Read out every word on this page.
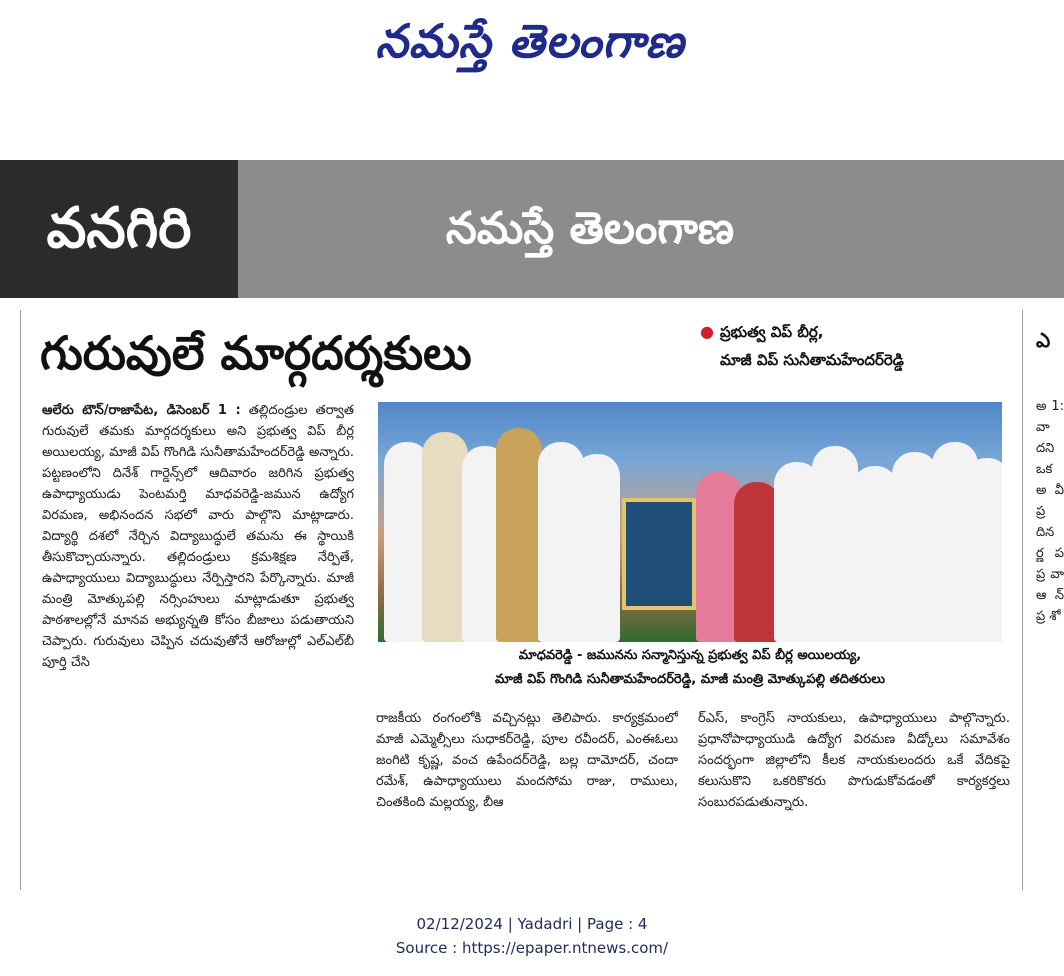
నమస్తే తెలంగాణ
వనగిరి	నమస్తే తెలంగాణ
గురువులే మార్గదర్శకులు	● ప్రభుత్వ విప్ బీర్ల,
మాజీ విప్ సునీతామహేందర్‌రెడ్డి
ఎ
ఆలేరు టౌన్/రాజాపేట, డిసెంబర్ 1 : తల్లిదండ్రుల తర్వాత గురువులే తమకు మార్గదర్శకులు అని ప్రభుత్వ విప్ బీర్ల అయిలయ్య, మాజీ విప్ గొంగిడి సునీతామహేందర్‌రెడ్డి అన్నారు. పట్టణంలోని దినేశ్ గార్డెన్స్‌లో ఆదివారం జరిగిన ప్రభుత్వ ఉపాధ్యాయుడు పెంటమర్తి మాధవరెడ్డి-జమున ఉద్యోగ విరమణ, అభినందన సభలో వారు పాల్గొని మాట్లాడారు. విద్యార్థి దశలో నేర్చిన విద్యాబుద్ధులే తమను ఈ స్థాయికి తీసుకొచ్చాయన్నారు. తల్లిదండ్రులు క్రమశిక్షణ నేర్పితే, ఉపాధ్యాయులు విద్యాబుద్ధులు నేర్పిస్తారని పేర్కొన్నారు. మాజీ మంత్రి మోత్కుపల్లి నర్సింహులు మాట్లాడుతూ ప్రభుత్వ పాఠశాలల్లోనే మానవ అభ్యున్నతి కోసం బీజాలు పడుతాయని చెప్పారు. గురువులు చెప్పిన చదువుతోనే ఆరోజుల్లో ఎల్‌ఎల్‌బీ పూర్తి చేసి	మాధవరెడ్డి - జమునను సన్మానిస్తున్న ప్రభుత్వ విప్ బీర్ల అయిలయ్య,
మాజీ విప్ గొంగిడి సునీతామహేందర్‌రెడ్డి, మాజీ మంత్రి మోత్కుపల్లి తదితరులు
రాజకీయ రంగంలోకి వచ్చినట్లు తెలిపారు. కార్యక్రమంలో మాజీ ఎమ్మెల్సీలు సుధాకర్‌రెడ్డి, పూల రవీందర్, ఎంఈఓలు జంగిటి కృష్ణ, వంచ ఉపేందర్‌రెడ్డి, బల్ల దామోదర్, చందా రమేశ్, ఉపాధ్యాయులు మందసోమ రాజు, రాములు, చింతకింది మల్లయ్య, బీఆ
ర్‌ఎస్, కాంగ్రెస్ నాయకులు, ఉపాధ్యాయులు పాల్గొన్నారు. ప్రధానోపాధ్యాయుడి ఉద్యోగ విరమణ వీడ్కోలు సమావేశం సందర్భంగా జిల్లాలోని కీలక నాయకులందరు ఒకే వేదికపై కలుసుకొని ఒకరికొకరు పొగుడుకోవడంతో కార్యకర్తలు సంబురపడుతున్నారు.
అ 1: వా దని ఒక అ వీ ప్ర దిన ర్ణ ప ప్ర వా ఆ న్ ప్ర శో
02/12/2024 | Yadadri | Page : 4
Source : https://epaper.ntnews.com/
